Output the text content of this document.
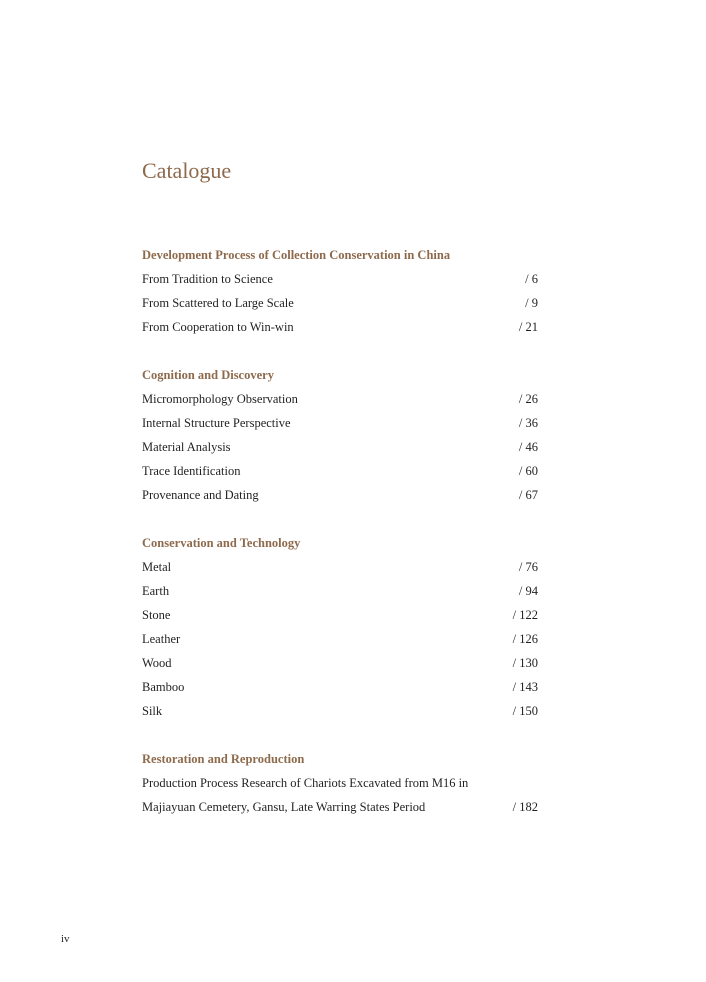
Catalogue
Development Process of Collection Conservation in China
From Tradition to Science	/ 6
From Scattered to Large Scale	/ 9
From Cooperation to Win-win	/ 21
Cognition and Discovery
Micromorphology Observation	/ 26
Internal Structure Perspective	/ 36
Material Analysis	/ 46
Trace Identification	/ 60
Provenance and Dating	/ 67
Conservation and Technology
Metal	/ 76
Earth	/ 94
Stone	/ 122
Leather	/ 126
Wood	/ 130
Bamboo	/ 143
Silk	/ 150
Restoration and Reproduction
Production Process Research of Chariots Excavated from M16 in
Majiayuan Cemetery, Gansu, Late Warring States Period	/ 182
iv
